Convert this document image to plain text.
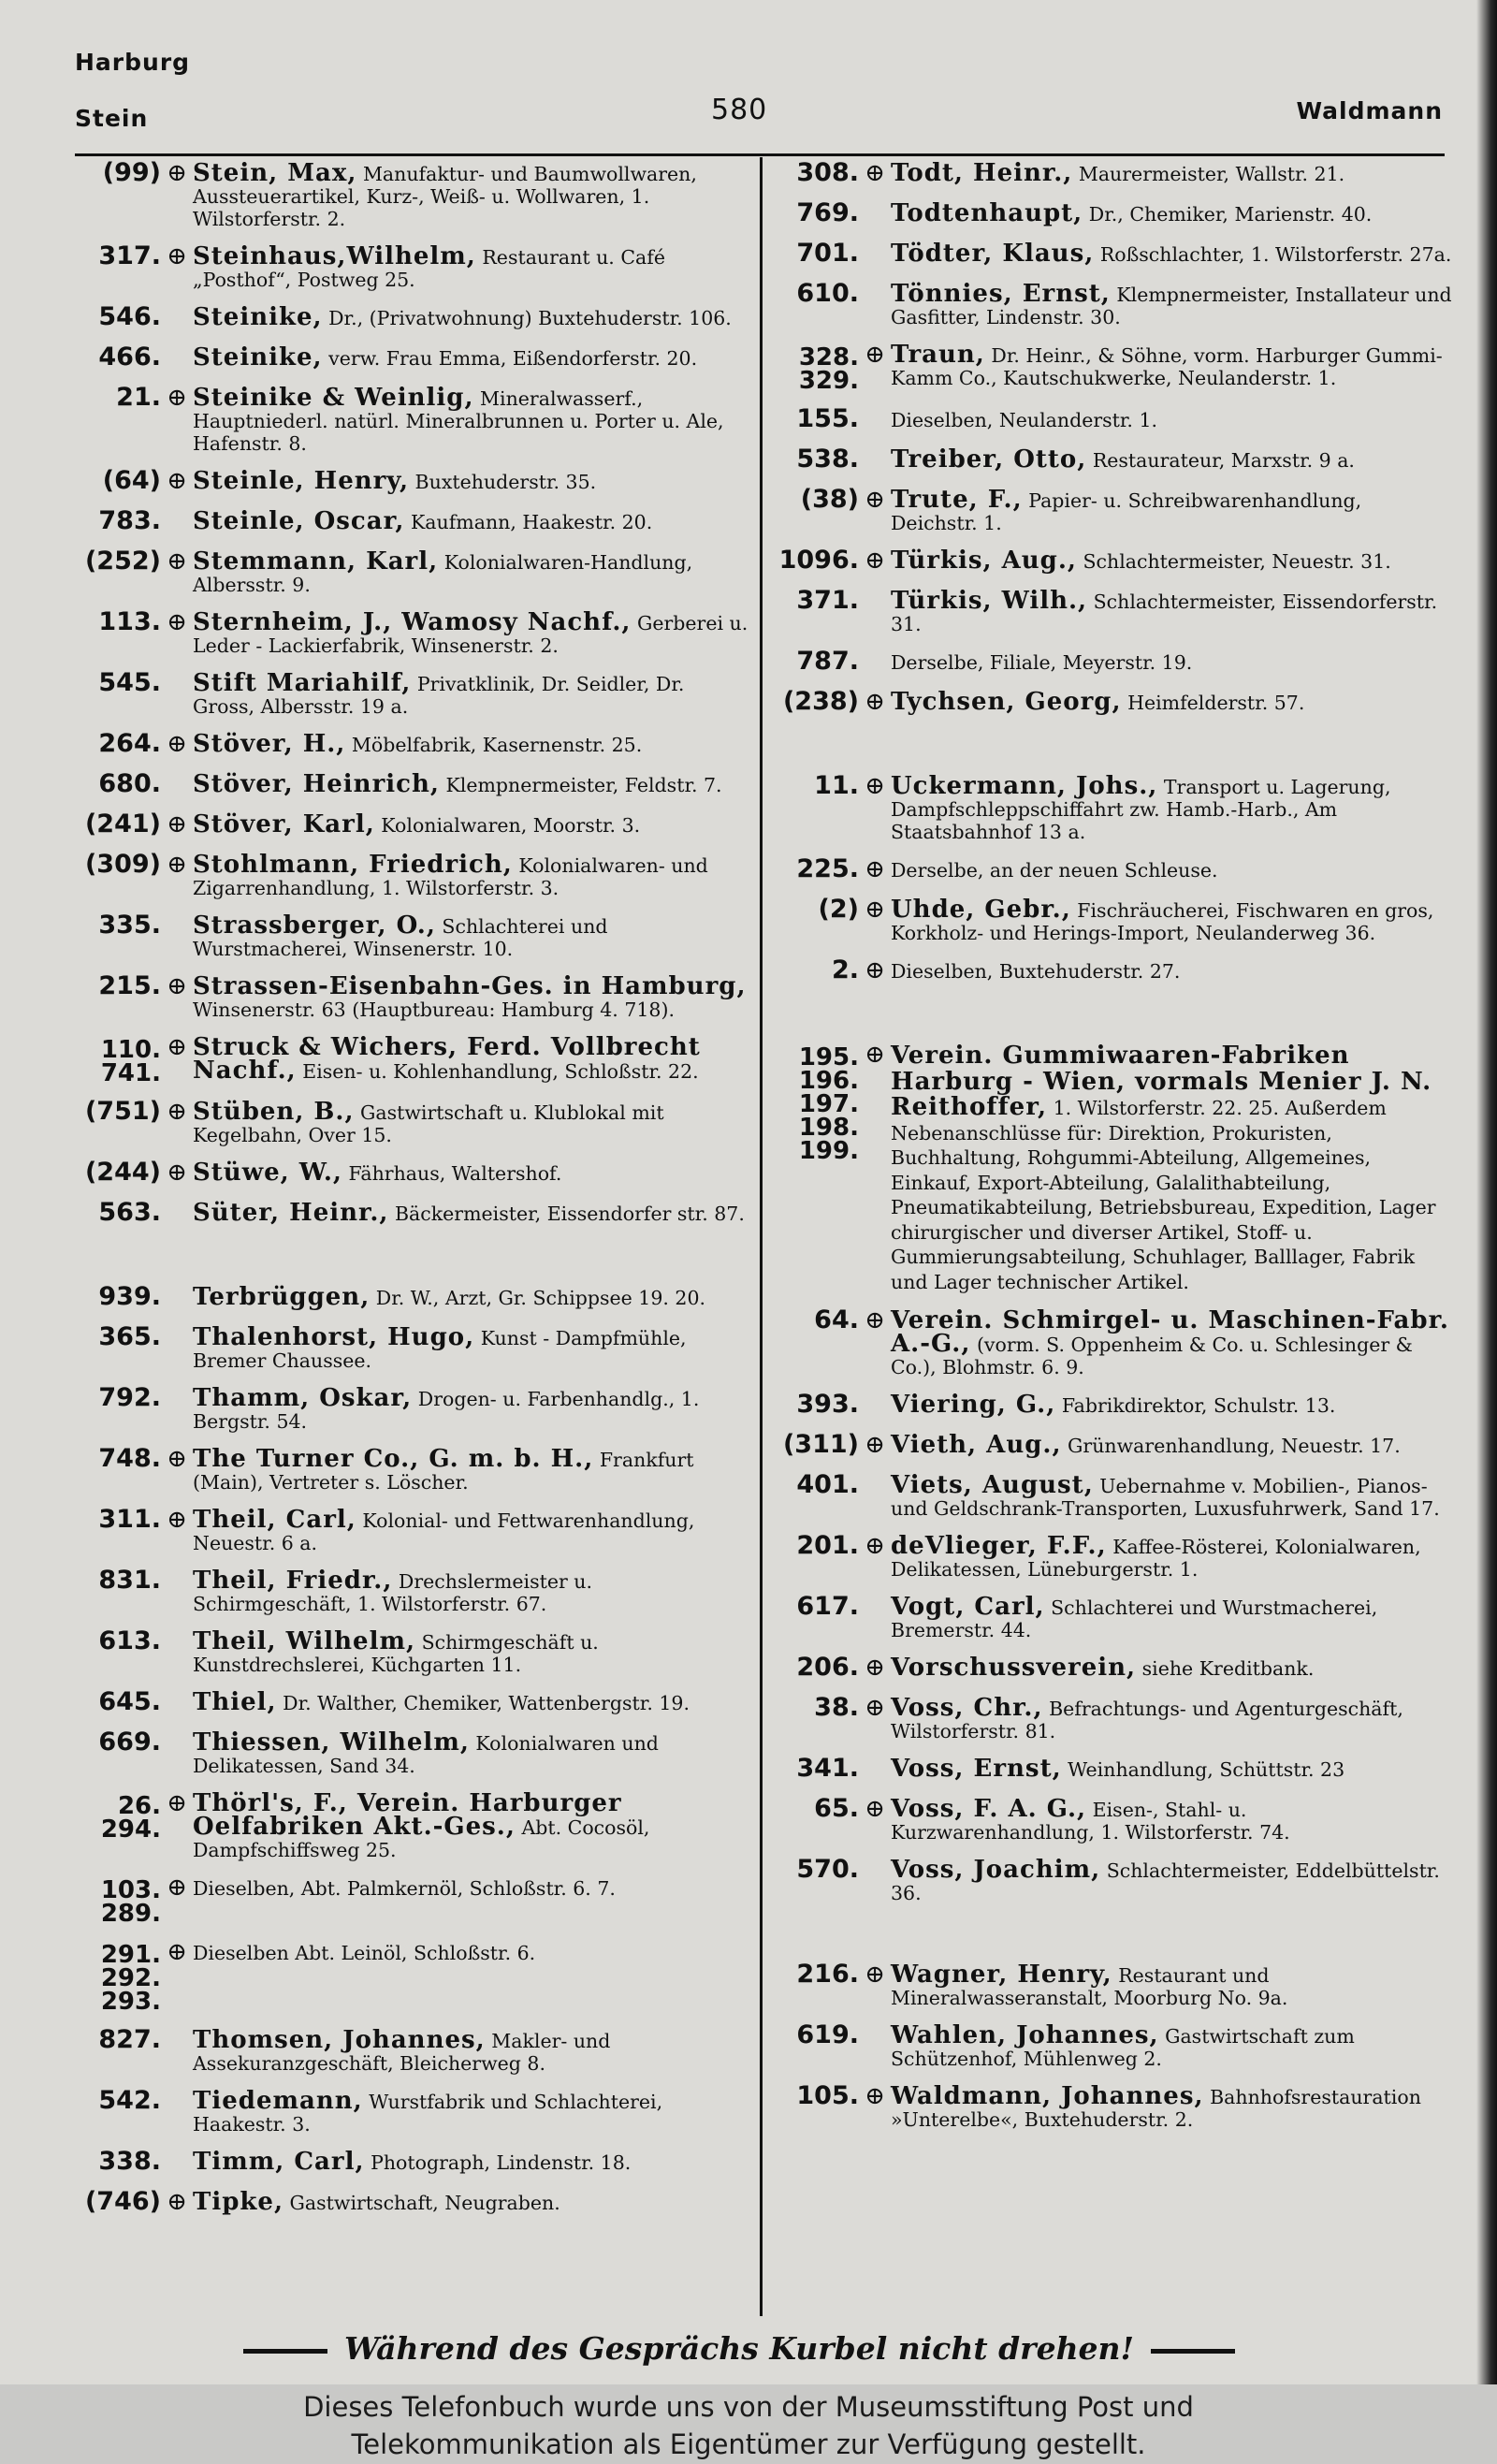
Harburg
Stein	580	Waldmann
(99) ⊕ Stein, Max, Manufaktur- und Baumwollwaren, Aussteuerartikel, Kurz-, Weiß- u. Wollwaren, 1. Wilstorferstr. 2.
317. ⊕ Steinhaus,Wilhelm, Restaurant u. Café „Posthof“, Postweg 25.
546. Steinike, Dr., (Privatwohnung) Buxtehuderstr. 106.
466. Steinike, verw. Frau Emma, Eißendorferstr. 20.
21. ⊕ Steinike & Weinlig, Mineralwasserf., Hauptniederl. natürl. Mineralbrunnen u. Porter u. Ale, Hafenstr. 8.
(64) ⊕ Steinle, Henry, Buxtehuderstr. 35.
783. Steinle, Oscar, Kaufmann, Haakestr. 20.
(252) ⊕ Stemmann, Karl, Kolonialwaren-Handlung, Albersstr. 9.
113. ⊕ Sternheim, J., Wamosy Nachf., Gerberei u. Leder - Lackierfabrik, Winsenerstr. 2.
545. Stift Mariahilf, Privatklinik, Dr. Seidler, Dr. Gross, Albersstr. 19 a.
264. ⊕ Stöver, H., Möbelfabrik, Kasernenstr. 25.
680. Stöver, Heinrich, Klempnermeister, Feldstr. 7.
(241) ⊕ Stöver, Karl, Kolonialwaren, Moorstr. 3.
(309) ⊕ Stohlmann, Friedrich, Kolonialwaren- und Zigarrenhandlung, 1. Wilstorferstr. 3.
335. Strassberger, O., Schlachterei und Wurstmacherei, Winsenerstr. 10.
215. ⊕ Strassen-Eisenbahn-Ges. in Hamburg, Winsenerstr. 63 (Hauptbureau: Hamburg 4. 718).
110.
741.
⊕ Struck & Wichers, Ferd. Vollbrecht Nachf., Eisen- u. Kohlenhandlung, Schloßstr. 22.
(751) ⊕ Stüben, B., Gastwirtschaft u. Klublokal mit Kegelbahn, Over 15.
(244) ⊕ Stüwe, W., Fährhaus, Waltershof.
563. Süter, Heinr., Bäckermeister, Eissendorfer str. 87.
939. Terbrüggen, Dr. W., Arzt, Gr. Schippsee 19. 20.
365. Thalenhorst, Hugo, Kunst - Dampfmühle, Bremer Chaussee.
792. Thamm, Oskar, Drogen- u. Farbenhandlg., 1. Bergstr. 54.
748. ⊕ The Turner Co., G. m. b. H., Frankfurt (Main), Vertreter s. Löscher.
311. ⊕ Theil, Carl, Kolonial- und Fettwarenhandlung, Neuestr. 6 a.
831. Theil, Friedr., Drechslermeister u. Schirmgeschäft, 1. Wilstorferstr. 67.
613. Theil, Wilhelm, Schirmgeschäft u. Kunstdrechslerei, Küchgarten 11.
645. Thiel, Dr. Walther, Chemiker, Wattenbergstr. 19.
669. Thiessen, Wilhelm, Kolonialwaren und Delikatessen, Sand 34.
26.
294.
⊕ Thörl's, F., Verein. Harburger Oelfabriken Akt.-Ges., Abt. Cocosöl, Dampfschiffsweg 25.
103.
289.
⊕ Dieselben, Abt. Palmkernöl, Schloßstr. 6. 7.
291.
292.
293.
⊕ Dieselben Abt. Leinöl, Schloßstr. 6.
827. Thomsen, Johannes, Makler- und Assekuranzgeschäft, Bleicherweg 8.
542. Tiedemann, Wurstfabrik und Schlachterei, Haakestr. 3.
338. Timm, Carl, Photograph, Lindenstr. 18.
(746) ⊕ Tipke, Gastwirtschaft, Neugraben.
308. ⊕ Todt, Heinr., Maurermeister, Wallstr. 21.
769. Todtenhaupt, Dr., Chemiker, Marienstr. 40.
701. Tödter, Klaus, Roßschlachter, 1. Wilstorferstr. 27a.
610. Tönnies, Ernst, Klempnermeister, Installateur und Gasfitter, Lindenstr. 30.
328.
329.
⊕ Traun, Dr. Heinr., & Söhne, vorm. Harburger Gummi-Kamm Co., Kautschukwerke, Neulanderstr. 1.
155. Dieselben, Neulanderstr. 1.
538. Treiber, Otto, Restaurateur, Marxstr. 9 a.
(38) ⊕ Trute, F., Papier- u. Schreibwarenhandlung, Deichstr. 1.
1096. ⊕ Türkis, Aug., Schlachtermeister, Neuestr. 31.
371. Türkis, Wilh., Schlachtermeister, Eissendorferstr. 31.
787. Derselbe, Filiale, Meyerstr. 19.
(238) ⊕ Tychsen, Georg, Heimfelderstr. 57.
11. ⊕ Uckermann, Johs., Transport u. Lagerung, Dampfschleppschiffahrt zw. Hamb.-Harb., Am Staatsbahnhof 13 a.
225. ⊕ Derselbe, an der neuen Schleuse.
(2) ⊕ Uhde, Gebr., Fischräucherei, Fischwaren en gros, Korkholz- und Herings-Import, Neulanderweg 36.
2. ⊕ Dieselben, Buxtehuderstr. 27.
195.
196.
197.
198.
199.
⊕ Verein. Gummiwaaren-Fabriken Harburg - Wien, vormals Menier J. N. Reithoffer, 1. Wilstorferstr. 22. 25. Außerdem Nebenanschlüsse für: Direktion, Prokuristen, Buchhaltung, Rohgummi-Abteilung, Allgemeines, Einkauf, Export-Abteilung, Galalithabteilung, Pneumatikabteilung, Betriebsbureau, Expedition, Lager chirurgischer und diverser Artikel, Stoff- u. Gummierungsabteilung, Schuhlager, Balllager, Fabrik und Lager technischer Artikel.
64. ⊕ Verein. Schmirgel- u. Maschinen-Fabr. A.-G., (vorm. S. Oppenheim & Co. u. Schlesinger & Co.), Blohmstr. 6. 9.
393. Viering, G., Fabrikdirektor, Schulstr. 13.
(311) ⊕ Vieth, Aug., Grünwarenhandlung, Neuestr. 17.
401. Viets, August, Uebernahme v. Mobilien-, Pianos- und Geldschrank-Transporten, Luxusfuhrwerk, Sand 17.
201. ⊕ deVlieger, F.F., Kaffee-Rösterei, Kolonialwaren, Delikatessen, Lüneburgerstr. 1.
617. Vogt, Carl, Schlachterei und Wurstmacherei, Bremerstr. 44.
206. ⊕ Vorschussverein, siehe Kreditbank.
38. ⊕ Voss, Chr., Befrachtungs- und Agenturgeschäft, Wilstorferstr. 81.
341. Voss, Ernst, Weinhandlung, Schüttstr. 23
65. ⊕ Voss, F. A. G., Eisen-, Stahl- u. Kurzwarenhandlung, 1. Wilstorferstr. 74.
570. Voss, Joachim, Schlachtermeister, Eddelbüttelstr. 36.
216. ⊕ Wagner, Henry, Restaurant und Mineralwasseranstalt, Moorburg No. 9a.
619. Wahlen, Johannes, Gastwirtschaft zum Schützenhof, Mühlenweg 2.
105. ⊕ Waldmann, Johannes, Bahnhofsrestauration »Unterelbe«, Buxtehuderstr. 2.
Während des Gesprächs Kurbel nicht drehen!
Dieses Telefonbuch wurde uns von der Museumsstiftung Post und
Telekommunikation als Eigentümer zur Verfügung gestellt.
